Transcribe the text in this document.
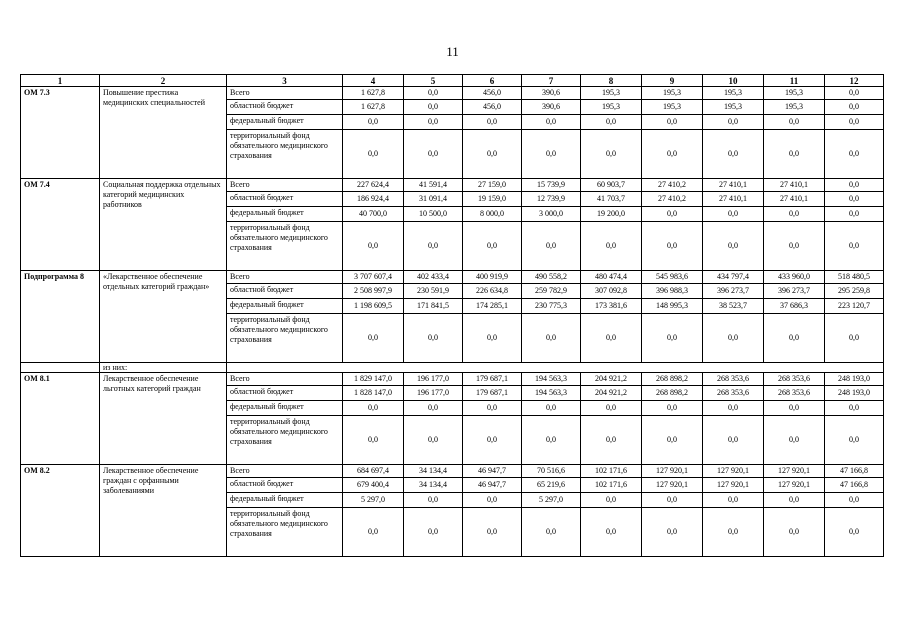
11
1	2	3	4	5	6	7	8	9	10	11	12
ОМ 7.3	Повышение престижа медицинских специальностей	Всего	1 627,8	0,0	456,0	390,6	195,3	195,3	195,3	195,3	0,0
		областной бюджет	1 627,8	0,0	456,0	390,6	195,3	195,3	195,3	195,3	0,0
		федеральный бюджет	0,0	0,0	0,0	0,0	0,0	0,0	0,0	0,0	0,0
		территориальный фонд обязательного медицинского страхования	0,0	0,0	0,0	0,0	0,0	0,0	0,0	0,0	0,0
ОМ 7.4	Социальная поддержка отдельных категорий медицинских работников	Всего	227 624,4	41 591,4	27 159,0	15 739,9	60 903,7	27 410,2	27 410,1	27 410,1	0,0
		областной бюджет	186 924,4	31 091,4	19 159,0	12 739,9	41 703,7	27 410,2	27 410,1	27 410,1	0,0
		федеральный бюджет	40 700,0	10 500,0	8 000,0	3 000,0	19 200,0	0,0	0,0	0,0	0,0
		территориальный фонд обязательного медицинского страхования	0,0	0,0	0,0	0,0	0,0	0,0	0,0	0,0	0,0
Подпрограмма 8	«Лекарственное обеспечение отдельных категорий граждан»	Всего	3 707 607,4	402 433,4	400 919,9	490 558,2	480 474,4	545 983,6	434 797,4	433 960,0	518 480,5
		областной бюджет	2 508 997,9	230 591,9	226 634,8	259 782,9	307 092,8	396 988,3	396 273,7	396 273,7	295 259,8
		федеральный бюджет	1 198 609,5	171 841,5	174 285,1	230 775,3	173 381,6	148 995,3	38 523,7	37 686,3	223 120,7
		территориальный фонд обязательного медицинского страхования	0,0	0,0	0,0	0,0	0,0	0,0	0,0	0,0	0,0
	из них:										
ОМ 8.1	Лекарственное обеспечение льготных категорий граждан	Всего	1 829 147,0	196 177,0	179 687,1	194 563,3	204 921,2	268 898,2	268 353,6	268 353,6	248 193,0
		областной бюджет	1 828 147,0	196 177,0	179 687,1	194 563,3	204 921,2	268 898,2	268 353,6	268 353,6	248 193,0
		федеральный бюджет	0,0	0,0	0,0	0,0	0,0	0,0	0,0	0,0	0,0
		территориальный фонд обязательного медицинского страхования	0,0	0,0	0,0	0,0	0,0	0,0	0,0	0,0	0,0
ОМ 8.2	Лекарственное обеспечение граждан с орфанными заболеваниями	Всего	684 697,4	34 134,4	46 947,7	70 516,6	102 171,6	127 920,1	127 920,1	127 920,1	47 166,8
		областной бюджет	679 400,4	34 134,4	46 947,7	65 219,6	102 171,6	127 920,1	127 920,1	127 920,1	47 166,8
		федеральный бюджет	5 297,0	0,0	0,0	5 297,0	0,0	0,0	0,0	0,0	0,0
		территориальный фонд обязательного медицинского страхования	0,0	0,0	0,0	0,0	0,0	0,0	0,0	0,0	0,0
